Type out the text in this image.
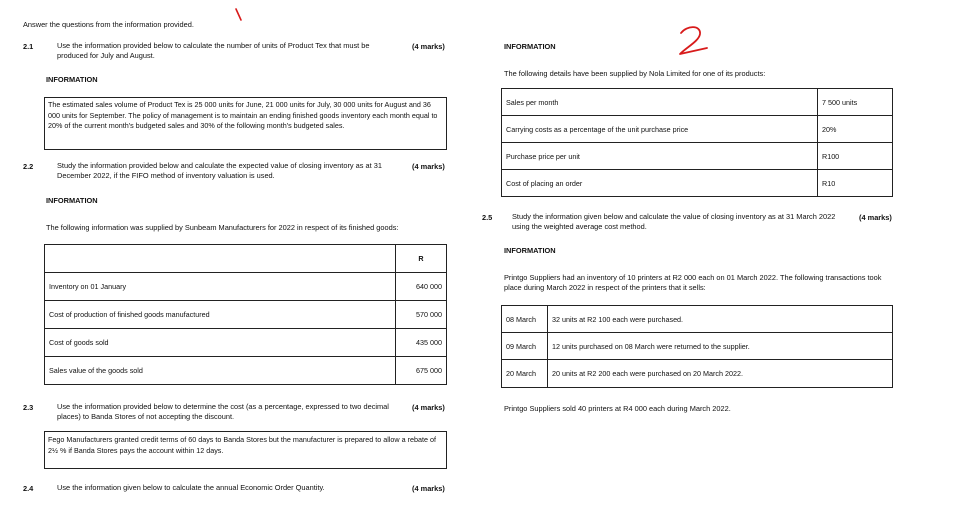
Answer the questions from the information provided.
2.1	Use the information provided below to calculate the number of units of Product Tex that must be produced for July and August.
(4 marks)
INFORMATION
The estimated sales volume of Product Tex is 25 000 units for June, 21 000 units for July, 30 000 units for August and 36 000 units for September. The policy of management is to maintain an ending finished goods inventory each month equal to 20% of the current month's budgeted sales and 30% of the following month's budgeted sales.
2.2	Study the information provided below and calculate the expected value of closing inventory as at 31 December 2022, if the FIFO method of inventory valuation is used.
(4 marks)
INFORMATION
The following information was supplied by Sunbeam Manufacturers for 2022 in respect of its finished goods:
	R
Inventory on 01 January	640 000
Cost of production of finished goods manufactured	570 000
Cost of goods sold	435 000
Sales value of the goods sold	675 000
2.3	Use the information provided below to determine the cost (as a percentage, expressed to two decimal places) to Banda Stores of not accepting the discount.
(4 marks)
Fego Manufacturers granted credit terms of 60 days to Banda Stores but the manufacturer is prepared to allow a rebate of 2½ % if Banda Stores pays the account within 12 days.
2.4	Use the information given below to calculate the annual Economic Order Quantity.	(4 marks)
INFORMATION
The following details have been supplied by Nola Limited for one of its products:
Sales per month	7 500 units
Carrying costs as a percentage of the unit purchase price	20%
Purchase price per unit	R100
Cost of placing an order	R10
2.5	Study the information given below and calculate the value of closing inventory as at 31 March 2022 using the weighted average cost method.
(4 marks)
INFORMATION
Printgo Suppliers had an inventory of 10 printers at R2 000 each on 01 March 2022. The following transactions took place during March 2022 in respect of the printers that it sells:
08 March	32 units at R2 100 each were purchased.
09 March	12 units purchased on 08 March were returned to the supplier.
20 March	20 units at R2 200 each were purchased on 20 March 2022.
Printgo Suppliers sold 40 printers at R4 000 each during March 2022.
